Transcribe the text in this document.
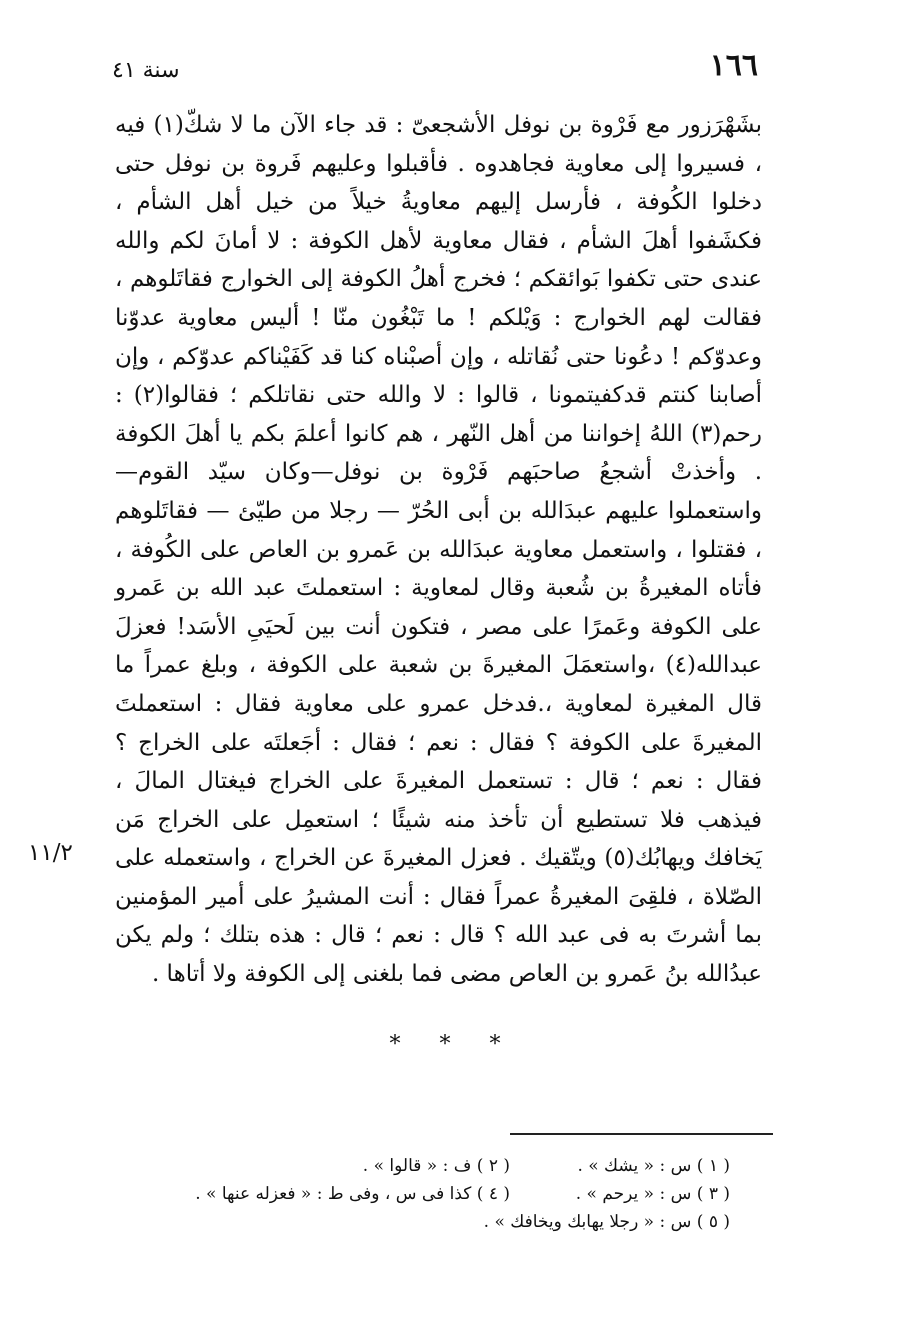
١٦٦
سنة ٤١

بشَهْرَزور مع فَرْوة بن نوفل الأشجعىّ : قد جاء الآن ما لا شكّ(١) فيه ، فسيروا إلى معاوية فجاهدوه . فأقبلوا وعليهم فَروة بن نوفل حتى دخلوا الكُوفة ، فأرسل إليهم معاويةُ خيلاً من خيل أهل الشأم ، فكشَفوا أهلَ الشأم ، فقال معاوية لأهل الكوفة : لا أمانَ لكم والله عندى حتى تكفوا بَوائقكم ؛ فخرج أهلُ الكوفة إلى الخوارج فقاتَلوهم ، فقالت لهم الخوارج : وَيْلكم ! ما تَبْغُون منّا ! أليس معاوية عدوّنا وعدوّكم ! دعُونا حتى نُقاتله ، وإن أصبْناه كنا قد كَفَيْناكم عدوّكم ، وإن أصابنا كنتم قدكفيتمونا ، قالوا : لا والله حتى نقاتلكم ؛ فقالوا(٢) : رحم(٣) اللهُ إخواننا من أهل النّهر ، هم كانوا أعلمَ بكم يا أهلَ الكوفة . وأخذتْ أشجعُ صاحبَهم فَرْوة بن نوفل—وكان سيّد القوم— واستعملوا عليهم عبدَالله بن أبى الحُرّ — رجلا من طيّئ — فقاتَلوهم ، فقتلوا ، واستعمل معاوية عبدَالله بن عَمرو بن العاص على الكُوفة ، فأتاه المغيرةُ بن شُعبة وقال لمعاوية : استعملتَ عبد الله بن عَمرو على الكوفة وعَمرًا على مصر ، فتكون أنت بين لَحيَىِ الأسَد! فعزلَ عبدالله(٤) ،واستعمَلَ المغيرةَ بن شعبة على الكوفة ، وبلغ عمراً ما قال المغيرة لمعاوية ،.فدخل عمرو على معاوية فقال : استعملتَ المغيرةَ على الكوفة ؟ فقال : نعم ؛ فقال : أجَعلتَه على الخراج ؟ فقال : نعم ؛ قال : تستعمل المغيرةَ على الخراج فيغتال المالَ ، فيذهب فلا تستطيع أن تأخذ منه شيئًا ؛ استعمِل على الخراج مَن يَخافك ويهابُك(٥) ويتّقيك . فعزل المغيرةَ عن الخراج ، واستعمله على الصّلاة ، فلقِىَ المغيرةُ عمراً فقال : أنت المشيرُ على أمير المؤمنين بما أشرتَ به فى عبد الله ؟ قال : نعم ؛ قال : هذه بتلك ؛ ولم يكن عبدُالله بنُ عَمرو بن العاص مضى فما بلغنى إلى الكوفة ولا أتاها .

١١/٢
* * *
( ١ ) س : « يشك » .
( ٢ ) ف : « قالوا » .
( ٣ ) س : « يرحم » .
( ٤ ) كذا فى س ، وفى ط : « فعزله عنها » .
( ٥ ) س : « رجلا يهابك ويخافك » .
